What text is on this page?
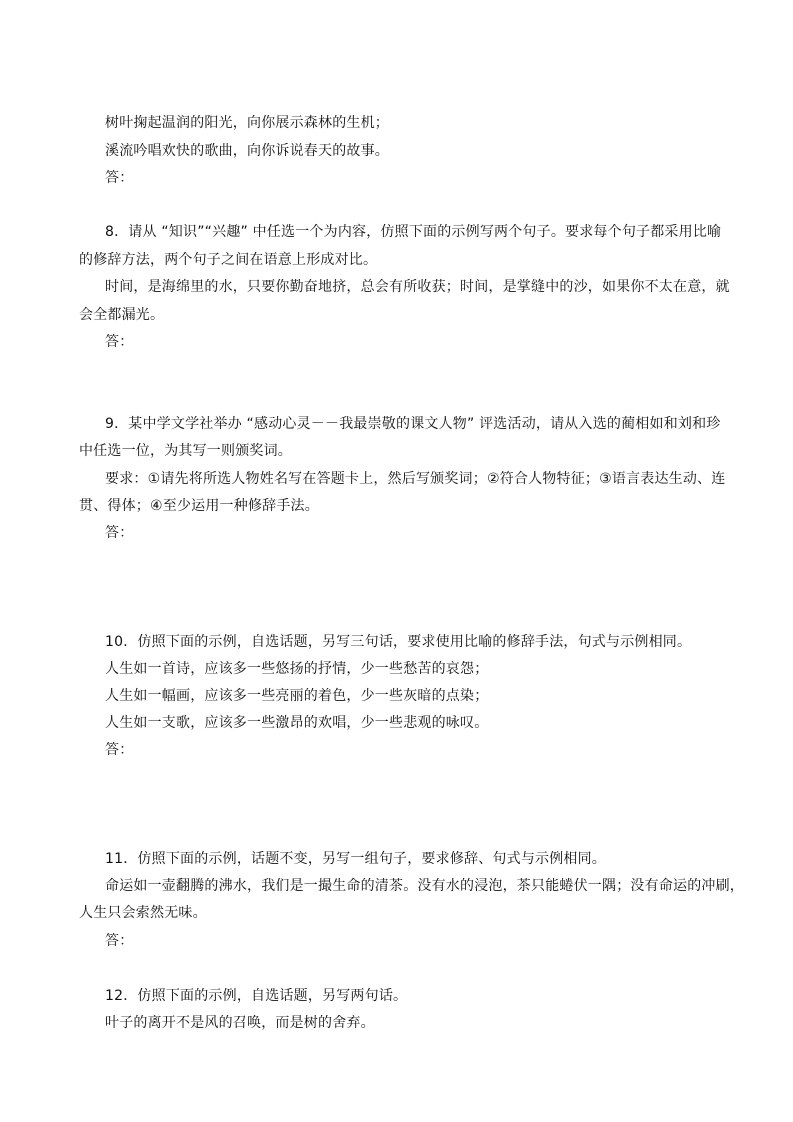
树叶掬起温润的阳光，向你展示森林的生机；
溪流吟唱欢快的歌曲，向你诉说春天的故事。
答：
8．请从 “知识”“兴趣” 中任选一个为内容，仿照下面的示例写两个句子。要求每个句子都采用比喻
的修辞方法，两个句子之间在语意上形成对比。
时间，是海绵里的水，只要你勤奋地挤，总会有所收获；时间，是掌缝中的沙，如果你不太在意，就
会全都漏光。
答：
9．某中学文学社举办 “感动心灵－－我最崇敬的课文人物” 评选活动，请从入选的蔺相如和刘和珍
中任选一位，为其写一则颁奖词。
要求：①请先将所选人物姓名写在答题卡上，然后写颁奖词；②符合人物特征；③语言表达生动、连
贯、得体；④至少运用一种修辞手法。
答：
10．仿照下面的示例，自选话题，另写三句话，要求使用比喻的修辞手法，句式与示例相同。
人生如一首诗，应该多一些悠扬的抒情，少一些愁苦的哀怨；
人生如一幅画，应该多一些亮丽的着色，少一些灰暗的点染；
人生如一支歌，应该多一些激昂的欢唱，少一些悲观的咏叹。
答：
11．仿照下面的示例，话题不变，另写一组句子，要求修辞、句式与示例相同。
命运如一壶翻腾的沸水，我们是一撮生命的清茶。没有水的浸泡，茶只能蜷伏一隅；没有命运的冲刷，
人生只会索然无味。
答：
12．仿照下面的示例，自选话题，另写两句话。
叶子的离开不是风的召唤，而是树的舍弃。
